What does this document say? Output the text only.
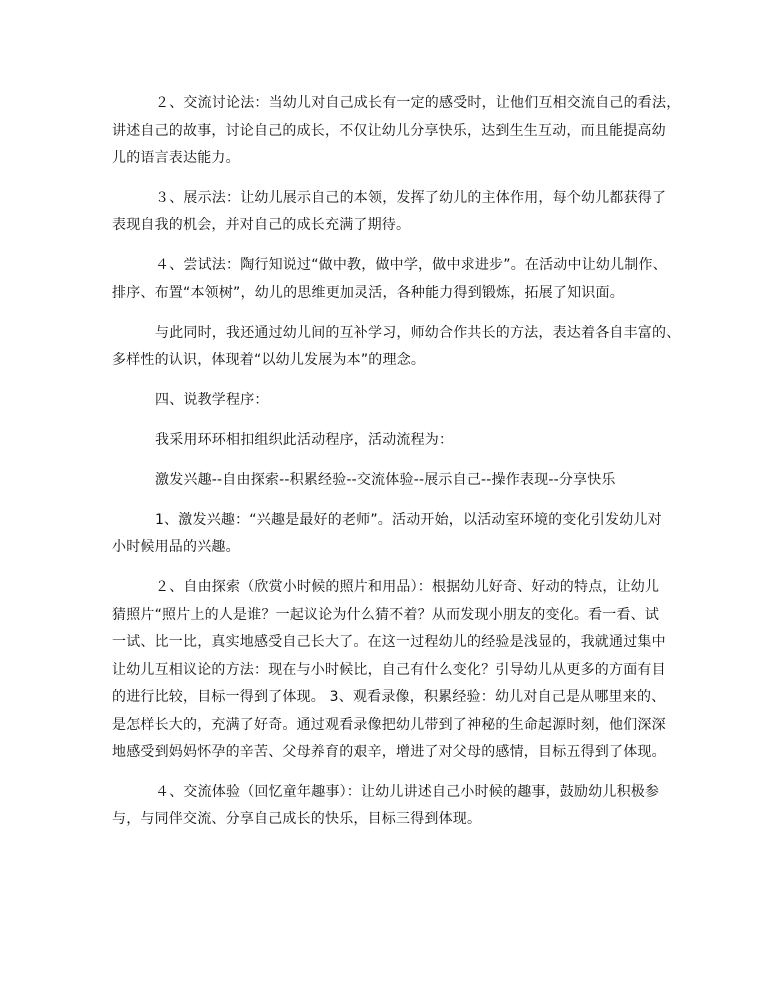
２、交流讨论法：当幼儿对自己成长有一定的感受时，让他们互相交流自己的看法，
讲述自己的故事，讨论自己的成长，不仅让幼儿分享快乐，达到生生互动，而且能提高幼
儿的语言表达能力。
３、展示法：让幼儿展示自己的本领，发挥了幼儿的主体作用，每个幼儿都获得了
表现自我的机会，并对自己的成长充满了期待。
４、尝试法：陶行知说过“做中教，做中学，做中求进步”。在活动中让幼儿制作、
排序、布置“本领树”，幼儿的思维更加灵活，各种能力得到锻炼，拓展了知识面。
与此同时，我还通过幼儿间的互补学习，师幼合作共长的方法，表达着各自丰富的、
多样性的认识，体现着“以幼儿发展为本”的理念。
四、说教学程序：
我采用环环相扣组织此活动程序，活动流程为：
激发兴趣--自由探索--积累经验--交流体验--展示自己--操作表现--分享快乐
1、激发兴趣：“兴趣是最好的老师”。活动开始，以活动室环境的变化引发幼儿对
小时候用品的兴趣。
２、自由探索（欣赏小时候的照片和用品）：根据幼儿好奇、好动的特点，让幼儿
猜照片“照片上的人是谁？一起议论为什么猜不着？从而发现小朋友的变化。看一看、试
一试、比一比，真实地感受自己长大了。在这一过程幼儿的经验是浅显的，我就通过集中
让幼儿互相议论的方法：现在与小时候比，自己有什么变化？引导幼儿从更多的方面有目
的进行比较，目标一得到了体现。 3、观看录像，积累经验：幼儿对自己是从哪里来的、
是怎样长大的，充满了好奇。通过观看录像把幼儿带到了神秘的生命起源时刻，他们深深
地感受到妈妈怀孕的辛苦、父母养育的艰辛，增进了对父母的感情，目标五得到了体现。
４、交流体验（回忆童年趣事）：让幼儿讲述自己小时候的趣事，鼓励幼儿积极参
与，与同伴交流、分享自己成长的快乐，目标三得到体现。
